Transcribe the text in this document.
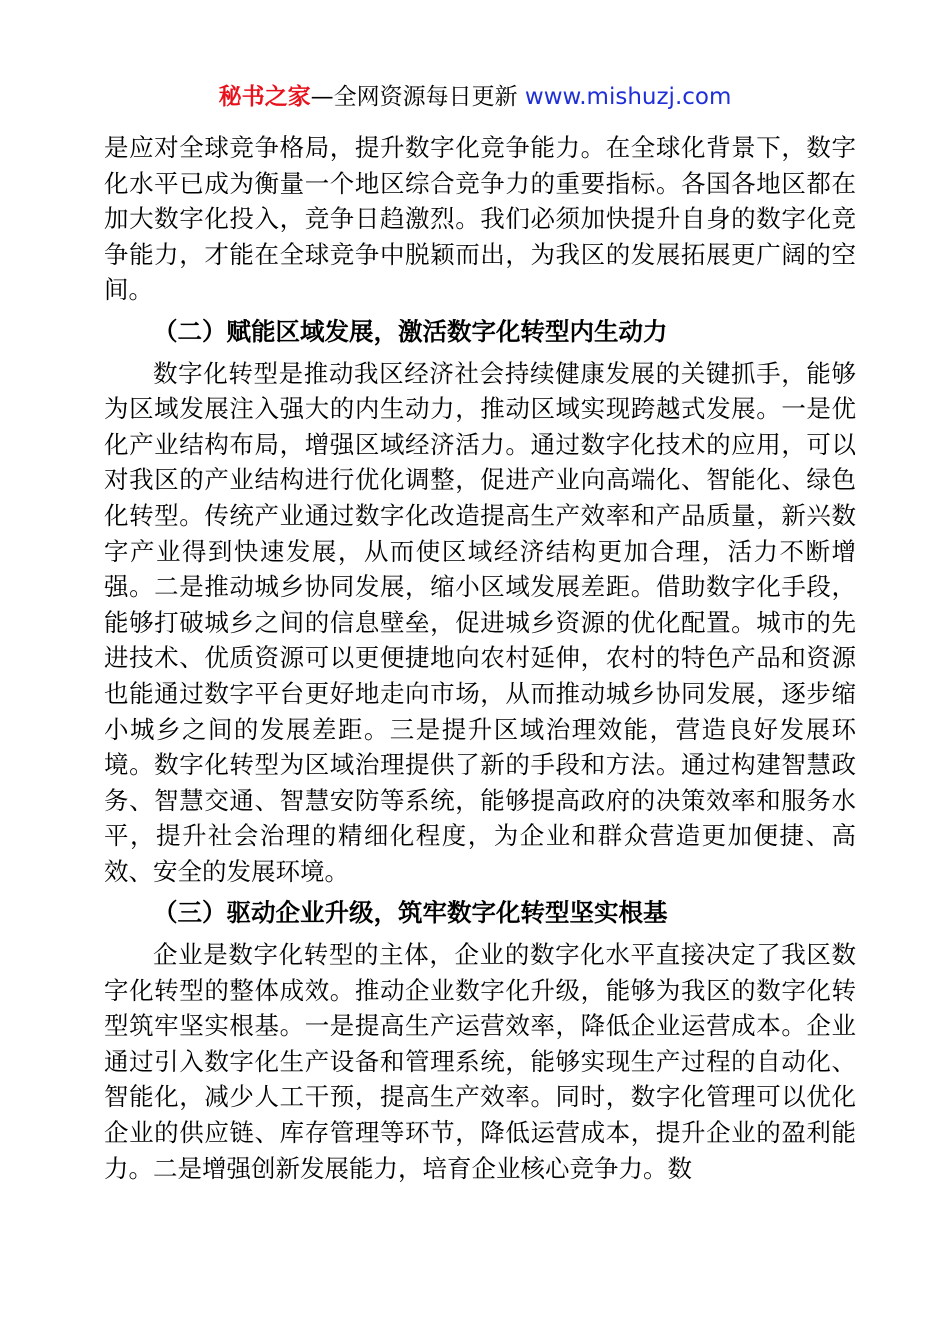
秘书之家—全网资源每日更新 www.mishuzj.com

是应对全球竞争格局，提升数字化竞争能力。在全球化背景下，数字化水平已成为衡量一个地区综合竞争力的重要指标。各国各地区都在加大数字化投入，竞争日趋激烈。我们必须加快提升自身的数字化竞争能力，才能在全球竞争中脱颖而出，为我区的发展拓展更广阔的空间。

（二）赋能区域发展，激活数字化转型内生动力

数字化转型是推动我区经济社会持续健康发展的关键抓手，能够为区域发展注入强大的内生动力，推动区域实现跨越式发展。一是优化产业结构布局，增强区域经济活力。通过数字化技术的应用，可以对我区的产业结构进行优化调整，促进产业向高端化、智能化、绿色化转型。传统产业通过数字化改造提高生产效率和产品质量，新兴数字产业得到快速发展，从而使区域经济结构更加合理，活力不断增强。二是推动城乡协同发展，缩小区域发展差距。借助数字化手段，能够打破城乡之间的信息壁垒，促进城乡资源的优化配置。城市的先进技术、优质资源可以更便捷地向农村延伸，农村的特色产品和资源也能通过数字平台更好地走向市场，从而推动城乡协同发展，逐步缩小城乡之间的发展差距。三是提升区域治理效能，营造良好发展环境。数字化转型为区域治理提供了新的手段和方法。通过构建智慧政务、智慧交通、智慧安防等系统，能够提高政府的决策效率和服务水平，提升社会治理的精细化程度，为企业和群众营造更加便捷、高效、安全的发展环境。

（三）驱动企业升级，筑牢数字化转型坚实根基

企业是数字化转型的主体，企业的数字化水平直接决定了我区数字化转型的整体成效。推动企业数字化升级，能够为我区的数字化转型筑牢坚实根基。一是提高生产运营效率，降低企业运营成本。企业通过引入数字化生产设备和管理系统，能够实现生产过程的自动化、智能化，减少人工干预，提高生产效率。同时，数字化管理可以优化企业的供应链、库存管理等环节，降低运营成本，提升企业的盈利能力。二是增强创新发展能力，培育企业核心竞争力。数
